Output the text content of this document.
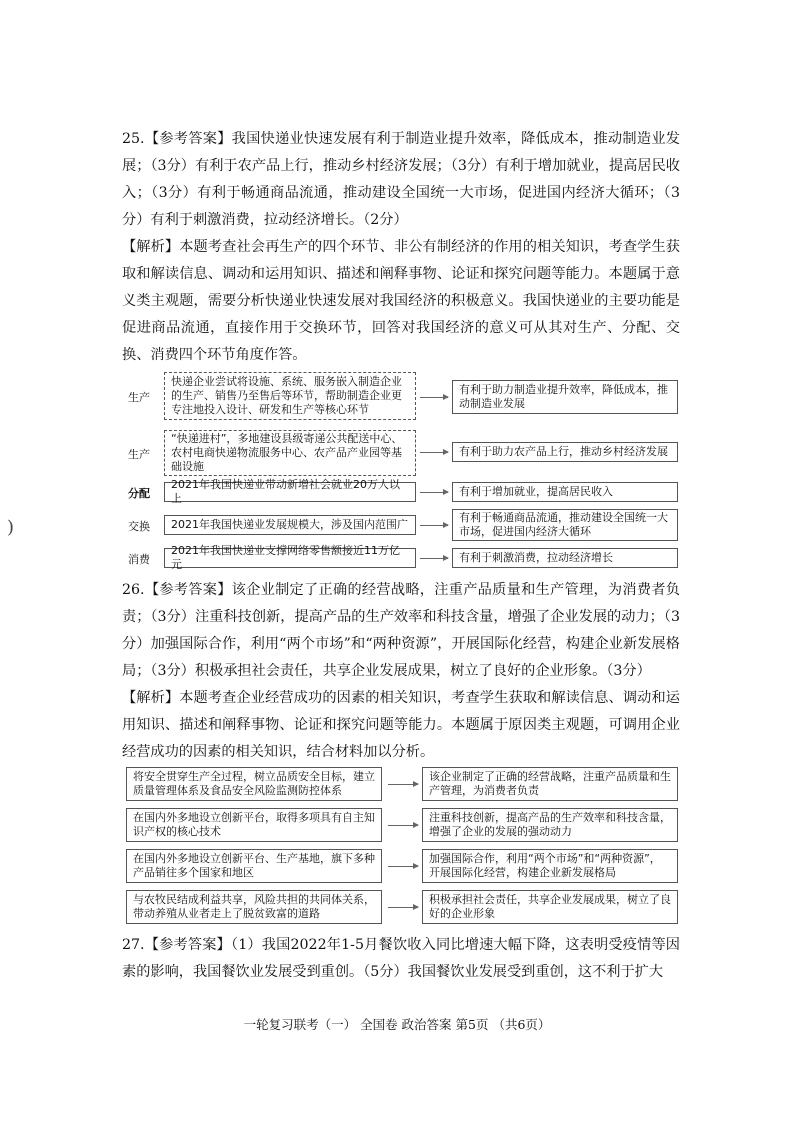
25.【参考答案】我国快递业快速发展有利于制造业提升效率，降低成本，推动制造业发展；（3分）有利于农产品上行，推动乡村经济发展；（3分）有利于增加就业，提高居民收入；（3分）有利于畅通商品流通，推动建设全国统一大市场，促进国内经济大循环；（3分）有利于刺激消费，拉动经济增长。（2分）

【解析】本题考查社会再生产的四个环节、非公有制经济的作用的相关知识，考查学生获取和解读信息、调动和运用知识、描述和阐释事物、论证和探究问题等能力。本题属于意义类主观题，需要分析快递业快速发展对我国经济的积极意义。我国快递业的主要功能是促进商品流通，直接作用于交换环节，回答对我国经济的意义可从其对生产、分配、交换、消费四个环节角度作答。

生产
快递企业尝试将设施、系统、服务嵌入制造企业的生产、销售乃至售后等环节，帮助制造企业更专注地投入设计、研发和生产等核心环节
有利于助力制造业提升效率，降低成本，推动制造业发展
生产
“快递进村”，多地建设县级寄递公共配送中心、农村电商快递物流服务中心、农产品产业园等基础设施
有利于助力农产品上行，推动乡村经济发展
分配
2021年我国快递业带动新增社会就业20万人以上
有利于增加就业，提高居民收入
交换	2021年我国快递业发展规模大，涉及国内范围广
有利于畅通商品流通，推动建设全国统一大市场，促进国内经济大循环
消费
2021年我国快递业支撑网络零售额接近11万亿元
有利于刺激消费，拉动经济增长

26.【参考答案】该企业制定了正确的经营战略，注重产品质量和生产管理，为消费者负责；（3分）注重科技创新，提高产品的生产效率和科技含量，增强了企业发展的动力；（3分）加强国际合作，利用“两个市场”和“两种资源”，开展国际化经营，构建企业新发展格局；（3分）积极承担社会责任，共享企业发展成果，树立了良好的企业形象。（3分）

【解析】本题考查企业经营成功的因素的相关知识，考查学生获取和解读信息、调动和运用知识、描述和阐释事物、论证和探究问题等能力。本题属于原因类主观题，可调用企业经营成功的因素的相关知识，结合材料加以分析。

将安全贯穿生产全过程，树立品质安全目标，建立质量管理体系及食品安全风险监测防控体系
该企业制定了正确的经营战略，注重产品质量和生产管理，为消费者负责
在国内外多地设立创新平台，取得多项具有自主知识产权的核心技术
注重科技创新，提高产品的生产效率和科技含量，增强了企业的发展的强动动力
在国内外多地设立创新平台、生产基地，旗下多种产品销往多个国家和地区
加强国际合作，利用“两个市场”和“两种资源”，开展国际化经营，构建企业新发展格局
与农牧民结成利益共享，风险共担的共同体关系，带动养殖从业者走上了脱贫致富的道路
积极承担社会责任，共享企业发展成果，树立了良好的企业形象

27.【参考答案】（1）我国2022年1-5月餐饮收入同比增速大幅下降，这表明受疫情等因素的影响，我国餐饮业发展受到重创。（5分）我国餐饮业发展受到重创，这不利于扩大

一轮复习联考（一） 全国卷 政治答案 第5页 （共6页）
)
